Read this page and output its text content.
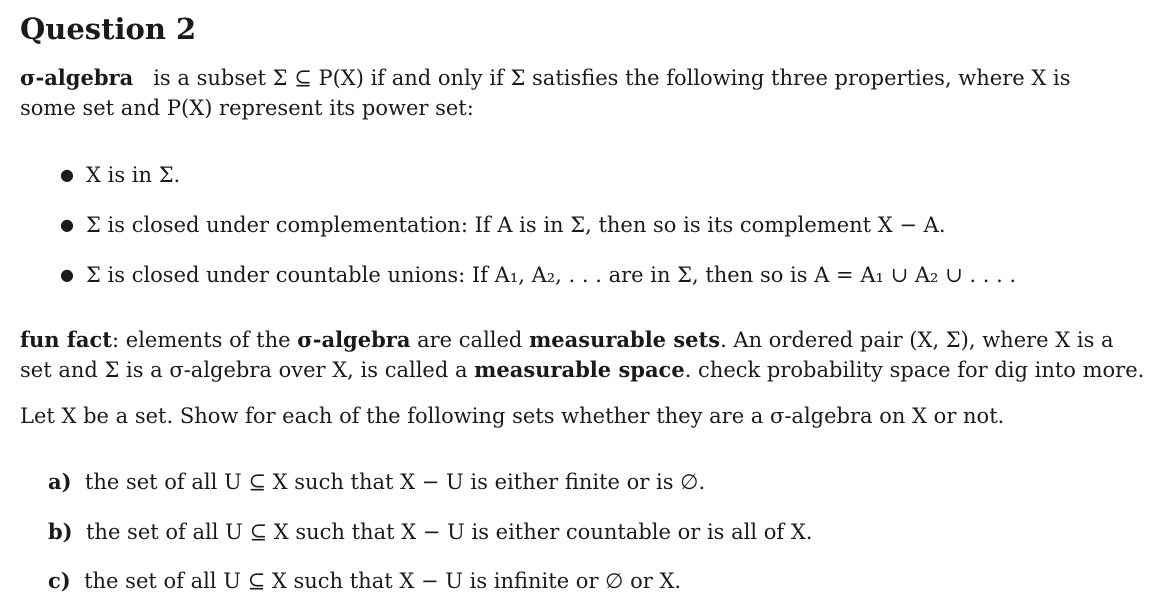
Question 2
σ-algebra is a subset Σ ⊆ P(X) if and only if Σ satisfies the following three properties, where X is
some set and P(X) represent its power set:
● X is in Σ.
● Σ is closed under complementation: If A is in Σ, then so is its complement X − A.
● Σ is closed under countable unions: If A₁, A₂, . . . are in Σ, then so is A = A₁ ∪ A₂ ∪ . . . .
fun fact: elements of the σ-algebra are called measurable sets. An ordered pair (X, Σ), where X is a
set and Σ is a σ-algebra over X, is called a measurable space. check probability space for dig into more.
Let X be a set. Show for each of the following sets whether they are a σ-algebra on X or not.
a) the set of all U ⊆ X such that X − U is either finite or is ∅.
b) the set of all U ⊆ X such that X − U is either countable or is all of X.
c) the set of all U ⊆ X such that X − U is infinite or ∅ or X.
